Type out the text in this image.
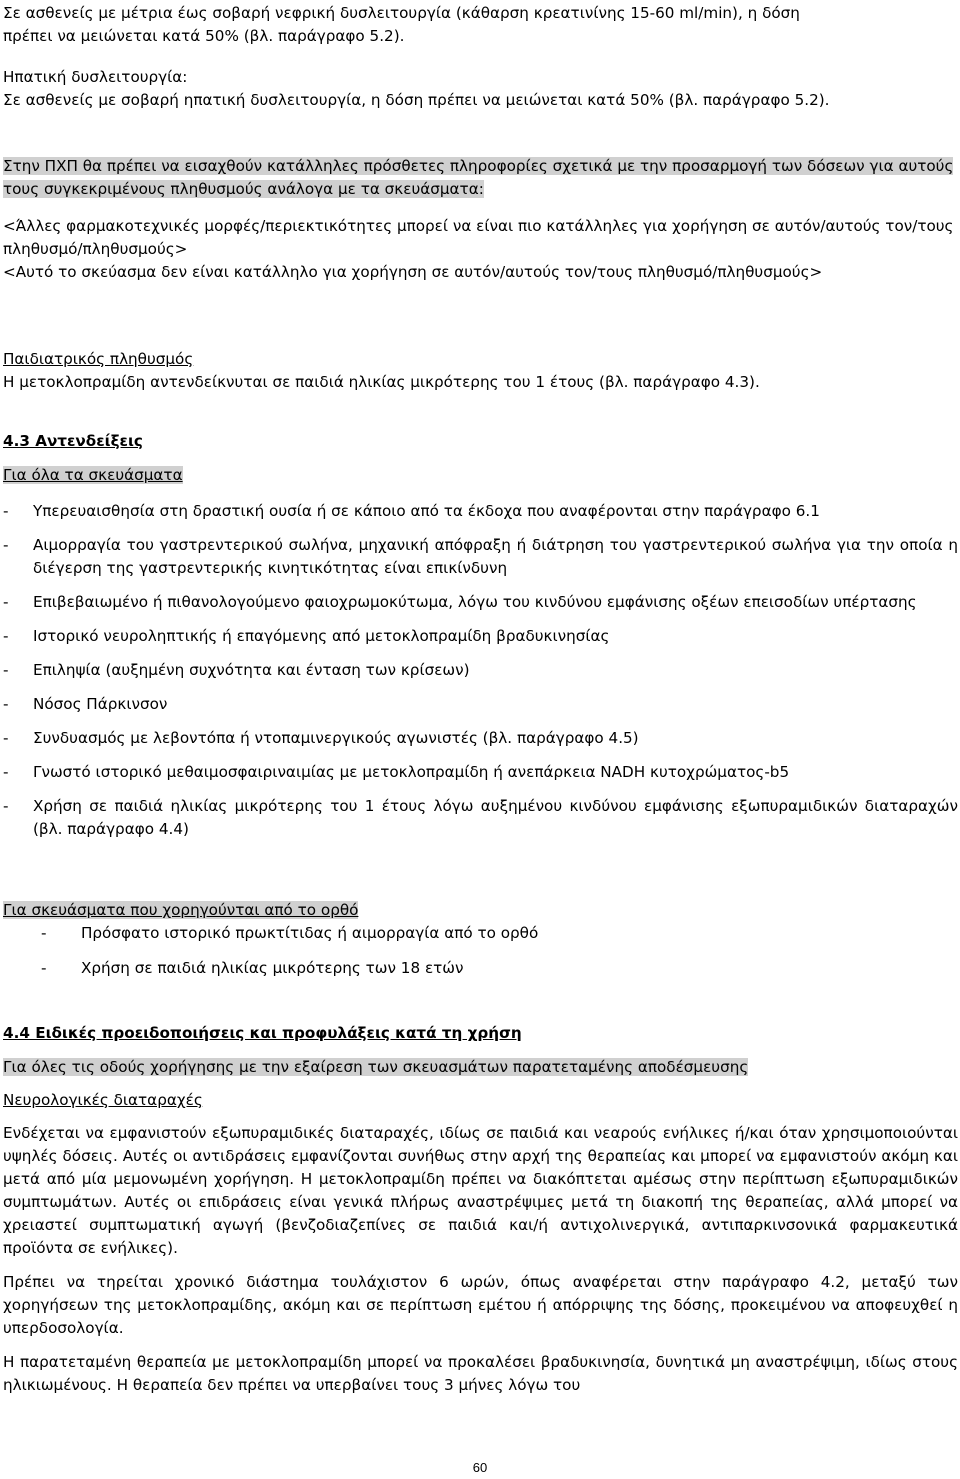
Σε ασθενείς με μέτρια έως σοβαρή νεφρική δυσλειτουργία (κάθαρση κρεατινίνης 15-60 ml/min), η δόση

πρέπει να μειώνεται κατά 50% (βλ. παράγραφο 5.2).

Ηπατική δυσλειτουργία:

Σε ασθενείς με σοβαρή ηπατική δυσλειτουργία, η δόση πρέπει να μειώνεται κατά 50% (βλ. παράγραφο 5.2).

Στην ΠΧΠ θα πρέπει να εισαχθούν κατάλληλες πρόσθετες πληροφορίες σχετικά με την προσαρμογή των δόσεων για αυτούς τους συγκεκριμένους πληθυσμούς ανάλογα με τα σκευάσματα:

<Άλλες φαρμακοτεχνικές μορφές/περιεκτικότητες μπορεί να είναι πιο κατάλληλες για χορήγηση σε αυτόν/αυτούς τον/τους πληθυσμό/πληθυσμούς>

<Αυτό το σκεύασμα δεν είναι κατάλληλο για χορήγηση σε αυτόν/αυτούς τον/τους πληθυσμό/πληθυσμούς>

Παιδιατρικός πληθυσμός

Η μετοκλοπραμίδη αντενδείκνυται σε παιδιά ηλικίας μικρότερης του 1 έτους (βλ. παράγραφο 4.3).

4.3 Αντενδείξεις

Για όλα τα σκευάσματα

-	Υπερευαισθησία στη δραστική ουσία ή σε κάποιο από τα έκδοχα που αναφέρονται στην παράγραφο 6.1
-	Αιμορραγία του γαστρεντερικού σωλήνα, μηχανική απόφραξη ή διάτρηση του γαστρεντερικού σωλήνα για την οποία η διέγερση της γαστρεντερικής κινητικότητας είναι επικίνδυνη
-	Επιβεβαιωμένο ή πιθανολογούμενο φαιοχρωμοκύτωμα, λόγω του κινδύνου εμφάνισης οξέων επεισοδίων υπέρτασης
-	Ιστορικό νευροληπτικής ή επαγόμενης από μετοκλοπραμίδη βραδυκινησίας
-	Επιληψία (αυξημένη συχνότητα και ένταση των κρίσεων)
-	Νόσος Πάρκινσον
-	Συνδυασμός με λεβοντόπα ή ντοπαμινεργικούς αγωνιστές (βλ. παράγραφο 4.5)
-	Γνωστό ιστορικό μεθαιμοσφαιριναιμίας με μετοκλοπραμίδη ή ανεπάρκεια NADH κυτοχρώματος-b5
-	Χρήση σε παιδιά ηλικίας μικρότερης του 1 έτους λόγω αυξημένου κινδύνου εμφάνισης εξωπυραμιδικών διαταραχών (βλ. παράγραφο 4.4)

Για σκευάσματα που χορηγούνται από το ορθό

-	Πρόσφατο ιστορικό πρωκτίτιδας ή αιμορραγία από το ορθό
-	Χρήση σε παιδιά ηλικίας μικρότερης των 18 ετών

4.4 Ειδικές προειδοποιήσεις και προφυλάξεις κατά τη χρήση

Για όλες τις οδούς χορήγησης με την εξαίρεση των σκευασμάτων παρατεταμένης αποδέσμευσης

Νευρολογικές διαταραχές

Ενδέχεται να εμφανιστούν εξωπυραμιδικές διαταραχές, ιδίως σε παιδιά και νεαρούς ενήλικες ή/και όταν χρησιμοποιούνται υψηλές δόσεις. Αυτές οι αντιδράσεις εμφανίζονται συνήθως στην αρχή της θεραπείας και μπορεί να εμφανιστούν ακόμη και μετά από μία μεμονωμένη χορήγηση. Η μετοκλοπραμίδη πρέπει να διακόπτεται αμέσως στην περίπτωση εξωπυραμιδικών συμπτωμάτων. Αυτές οι επιδράσεις είναι γενικά πλήρως αναστρέψιμες μετά τη διακοπή της θεραπείας, αλλά μπορεί να χρειαστεί συμπτωματική αγωγή (βενζοδιαζεπίνες σε παιδιά και/ή αντιχολινεργικά, αντιπαρκινσονικά φαρμακευτικά προϊόντα σε ενήλικες).

Πρέπει να τηρείται χρονικό διάστημα τουλάχιστον 6 ωρών, όπως αναφέρεται στην παράγραφο 4.2, μεταξύ των χορηγήσεων της μετοκλοπραμίδης, ακόμη και σε περίπτωση εμέτου ή απόρριψης της δόσης, προκειμένου να αποφευχθεί η υπερδοσολογία.

Η παρατεταμένη θεραπεία με μετοκλοπραμίδη μπορεί να προκαλέσει βραδυκινησία, δυνητικά μη αναστρέψιμη, ιδίως στους ηλικιωμένους. Η θεραπεία δεν πρέπει να υπερβαίνει τους 3 μήνες λόγω του

60
